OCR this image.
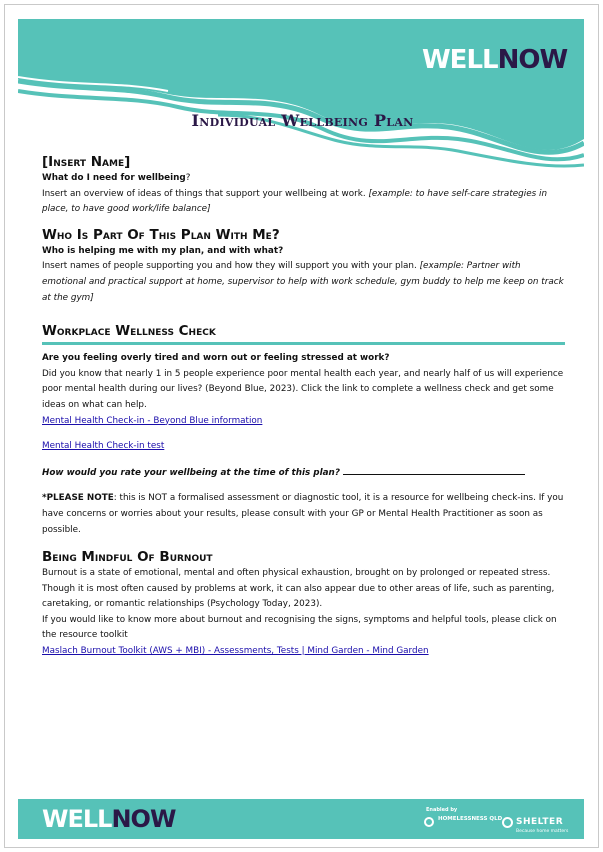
WELLNOW
Individual Wellbeing Plan
[Insert Name]

What do I need for wellbeing?

Insert an overview of ideas of things that support your wellbeing at work. [example: to have self-care strategies in place, to have good work/life balance]

Who Is Part Of This Plan With Me?

Who is helping me with my plan, and with what?

Insert names of people supporting you and how they will support you with your plan. [example: Partner with emotional and practical support at home, supervisor to help with work schedule, gym buddy to help me keep on track at the gym]

Workplace Wellness Check

Are you feeling overly tired and worn out or feeling stressed at work?

Did you know that nearly 1 in 5 people experience poor mental health each year, and nearly half of us will experience poor mental health during our lives? (Beyond Blue, 2023). Click the link to complete a wellness check and get some ideas on what can help.

Mental Health Check-in - Beyond Blue information

Mental Health Check-in test

How would you rate your wellbeing at the time of this plan?

*PLEASE NOTE: this is NOT a formalised assessment or diagnostic tool, it is a resource for wellbeing check-ins. If you have concerns or worries about your results, please consult with your GP or Mental Health Practitioner as soon as possible.

Being Mindful Of Burnout

Burnout is a state of emotional, mental and often physical exhaustion, brought on by prolonged or repeated stress. Though it is most often caused by problems at work, it can also appear due to other areas of life, such as parenting, caretaking, or romantic relationships (Psychology Today, 2023).

If you would like to know more about burnout and recognising the signs, symptoms and helpful tools, please click on the resource toolkit

Maslach Burnout Toolkit (AWS + MBI) - Assessments, Tests | Mind Garden - Mind Garden

WELLNOW	Enabled by
HOMELESSNESS QLD	SHELTER
Because home matters
